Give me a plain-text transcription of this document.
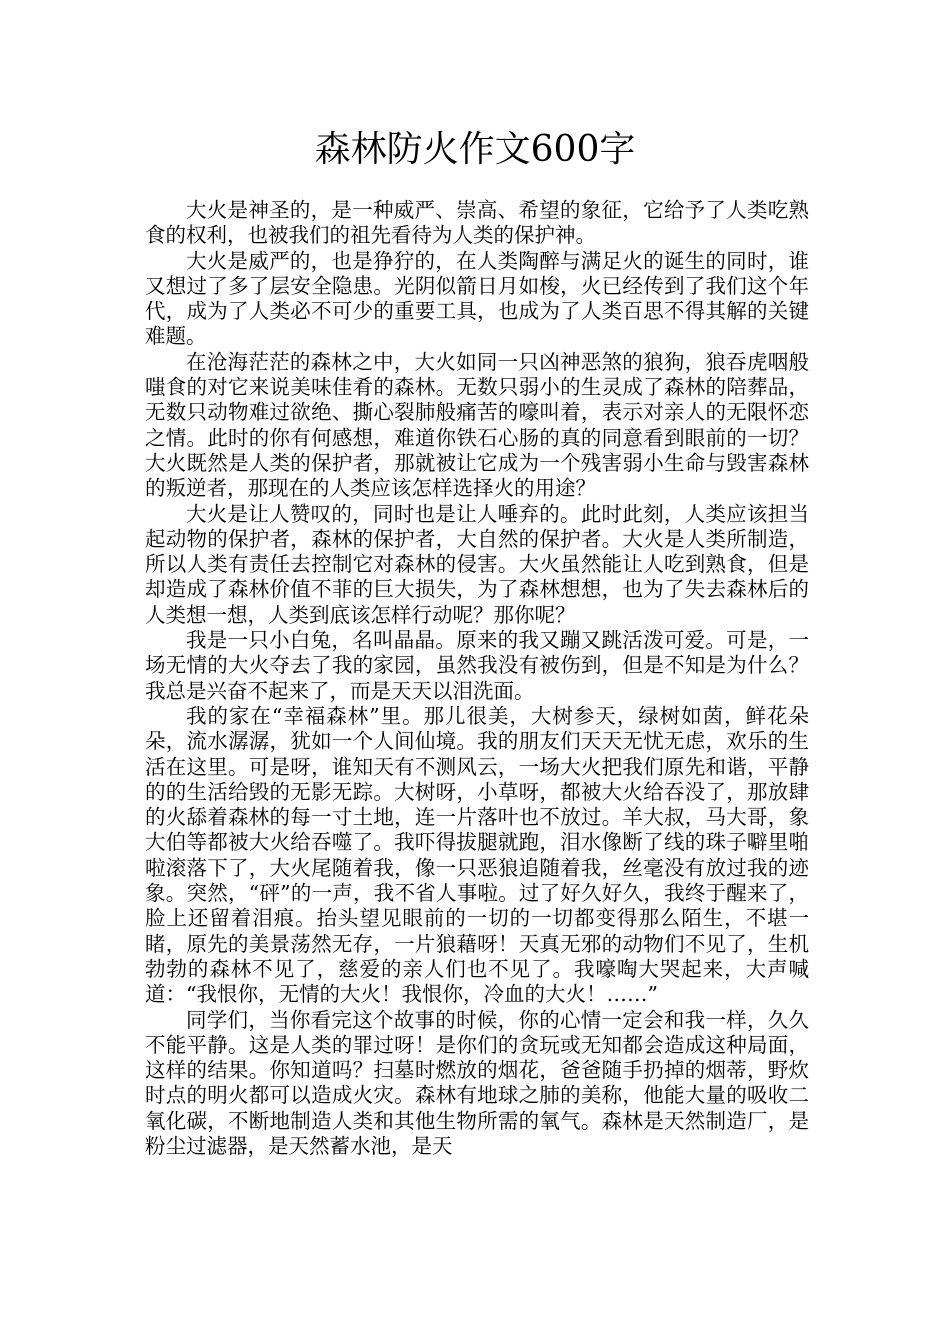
森林防火作文600字

大火是神圣的，是一种威严、崇高、希望的象征，它给予了人类吃熟食的权利，也被我们的祖先看待为人类的保护神。

大火是威严的，也是狰狞的，在人类陶醉与满足火的诞生的同时，谁又想过了多了层安全隐患。光阴似箭日月如梭，火已经传到了我们这个年代，成为了人类必不可少的重要工具，也成为了人类百思不得其解的关键难题。

在沧海茫茫的森林之中，大火如同一只凶神恶煞的狼狗，狼吞虎咽般嗤食的对它来说美味佳肴的森林。无数只弱小的生灵成了森林的陪葬品，无数只动物难过欲绝、撕心裂肺般痛苦的嚎叫着，表示对亲人的无限怀恋之情。此时的你有何感想，难道你铁石心肠的真的同意看到眼前的一切？大火既然是人类的保护者，那就被让它成为一个残害弱小生命与毁害森林的叛逆者，那现在的人类应该怎样选择火的用途？

大火是让人赞叹的，同时也是让人唾弃的。此时此刻，人类应该担当起动物的保护者，森林的保护者，大自然的保护者。大火是人类所制造，所以人类有责任去控制它对森林的侵害。大火虽然能让人吃到熟食，但是却造成了森林价值不菲的巨大损失，为了森林想想，也为了失去森林后的人类想一想，人类到底该怎样行动呢？那你呢？

我是一只小白兔，名叫晶晶。原来的我又蹦又跳活泼可爱。可是，一场无情的大火夺去了我的家园，虽然我没有被伤到，但是不知是为什么？我总是兴奋不起来了，而是天天以泪洗面。

我的家在“幸福森林”里。那儿很美，大树参天，绿树如茵，鲜花朵朵，流水潺潺，犹如一个人间仙境。我的朋友们天天无忧无虑，欢乐的生活在这里。可是呀，谁知天有不测风云，一场大火把我们原先和谐，平静的的生活给毁的无影无踪。大树呀，小草呀，都被大火给吞没了，那放肆的火舔着森林的每一寸土地，连一片落叶也不放过。羊大叔，马大哥，象大伯等都被大火给吞噬了。我吓得拔腿就跑，泪水像断了线的珠子噼里啪啦滚落下了，大火尾随着我，像一只恶狼追随着我，丝毫没有放过我的迹象。突然，“砰”的一声，我不省人事啦。过了好久好久，我终于醒来了，脸上还留着泪痕。抬头望见眼前的一切的一切都变得那么陌生，不堪一睹，原先的美景荡然无存，一片狼藉呀！天真无邪的动物们不见了，生机勃勃的森林不见了，慈爱的亲人们也不见了。我嚎啕大哭起来，大声喊道：“我恨你，无情的大火！我恨你，冷血的大火！……”

同学们，当你看完这个故事的时候，你的心情一定会和我一样，久久不能平静。这是人类的罪过呀！是你们的贪玩或无知都会造成这种局面，这样的结果。你知道吗？扫墓时燃放的烟花，爸爸随手扔掉的烟蒂，野炊时点的明火都可以造成火灾。森林有地球之肺的美称，他能大量的吸收二氧化碳，不断地制造人类和其他生物所需的氧气。森林是天然制造厂，是粉尘过滤器，是天然蓄水池，是天
